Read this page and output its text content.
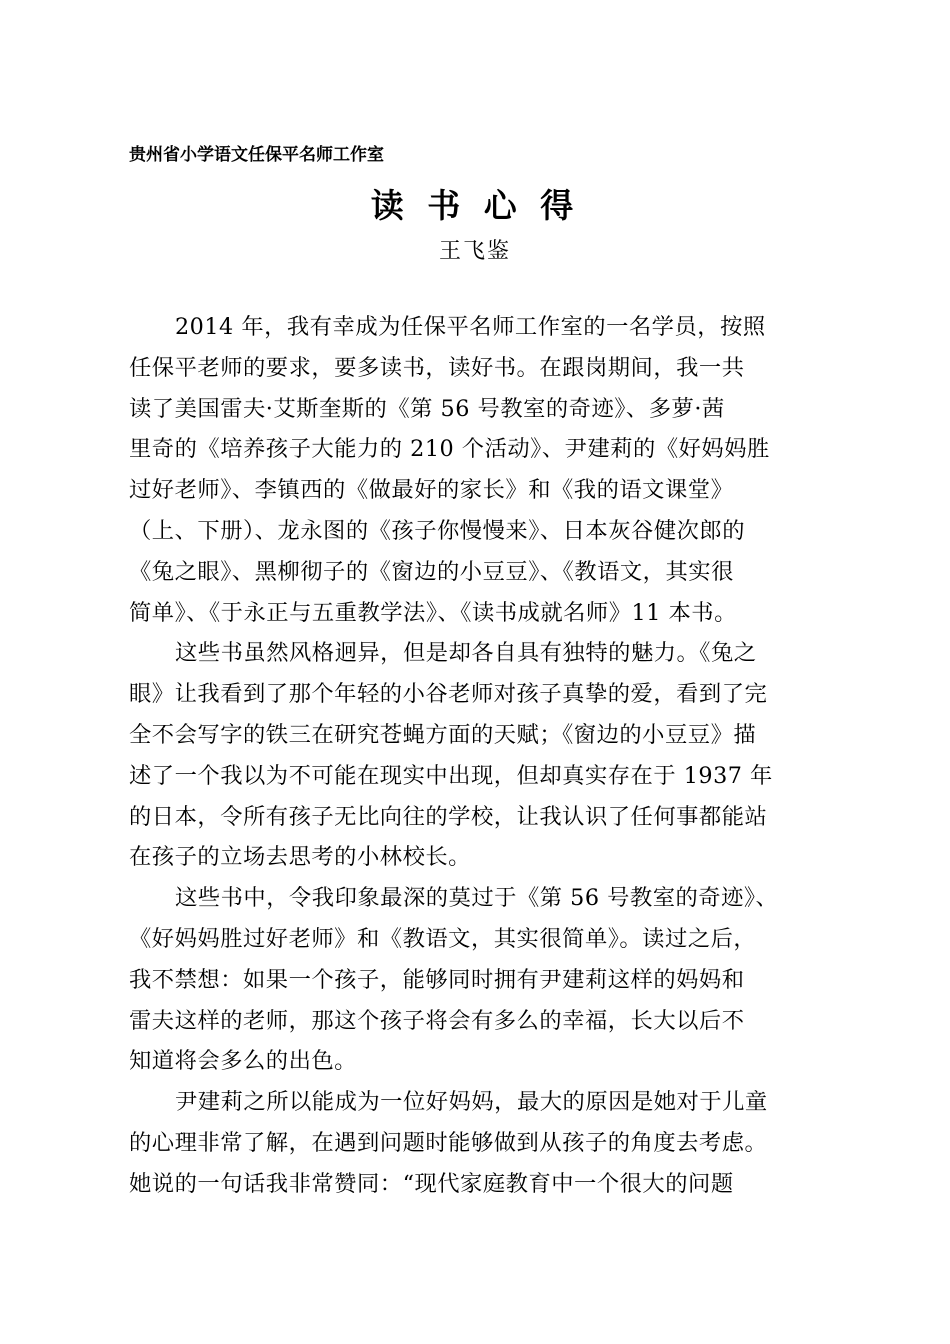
贵州省小学语文任保平名师工作室
读 书 心 得
王飞鉴
2014 年，我有幸成为任保平名师工作室的一名学员，按照
任保平老师的要求，要多读书，读好书。在跟岗期间，我一共
读了美国雷夫·艾斯奎斯的《第 56 号教室的奇迹》、多萝·茜
里奇的《培养孩子大能力的 210 个活动》、尹建莉的《好妈妈胜
过好老师》、李镇西的《做最好的家长》和《我的语文课堂》
（上、下册）、龙永图的《孩子你慢慢来》、日本灰谷健次郎的
《兔之眼》、黑柳彻子的《窗边的小豆豆》、《教语文，其实很
简单》、《于永正与五重教学法》、《读书成就名师》11 本书。
这些书虽然风格迥异，但是却各自具有独特的魅力。《兔之
眼》让我看到了那个年轻的小谷老师对孩子真挚的爱，看到了完
全不会写字的铁三在研究苍蝇方面的天赋；《窗边的小豆豆》描
述了一个我以为不可能在现实中出现，但却真实存在于 1937 年
的日本，令所有孩子无比向往的学校，让我认识了任何事都能站
在孩子的立场去思考的小林校长。
这些书中，令我印象最深的莫过于《第 56 号教室的奇迹》、
《好妈妈胜过好老师》和《教语文，其实很简单》。读过之后，
我不禁想：如果一个孩子，能够同时拥有尹建莉这样的妈妈和
雷夫这样的老师，那这个孩子将会有多么的幸福，长大以后不
知道将会多么的出色。
尹建莉之所以能成为一位好妈妈，最大的原因是她对于儿童
的心理非常了解，在遇到问题时能够做到从孩子的角度去考虑。
她说的一句话我非常赞同：“现代家庭教育中一个很大的问题
